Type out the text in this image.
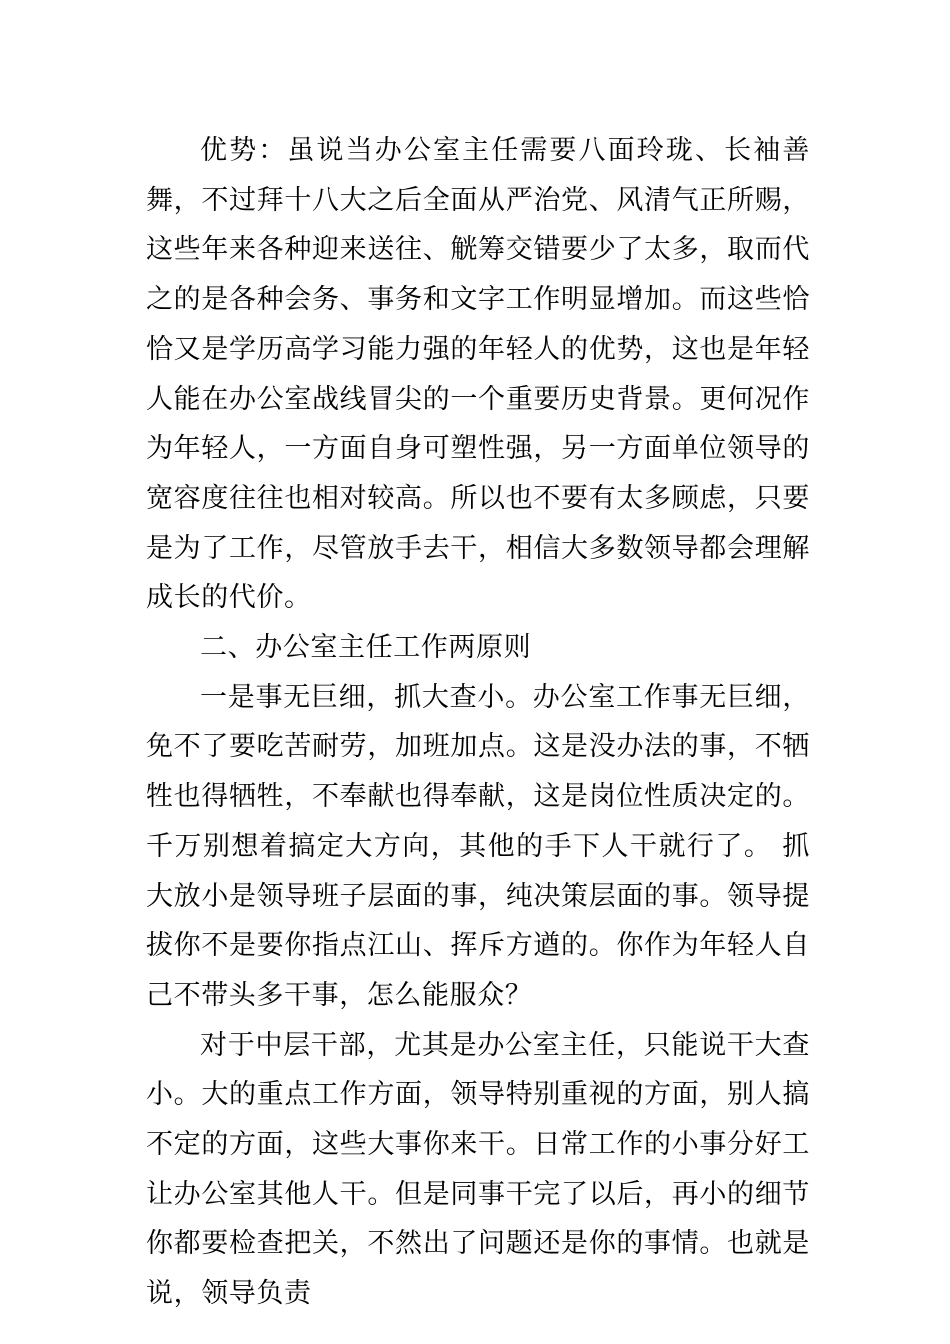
优势：虽说当办公室主任需要八面玲珑、长袖善舞，不过拜十八大之后全面从严治党、风清气正所赐，这些年来各种迎来送往、觥筹交错要少了太多，取而代之的是各种会务、事务和文字工作明显增加。而这些恰恰又是学历高学习能力强的年轻人的优势，这也是年轻人能在办公室战线冒尖的一个重要历史背景。更何况作为年轻人，一方面自身可塑性强，另一方面单位领导的宽容度往往也相对较高。所以也不要有太多顾虑，只要是为了工作，尽管放手去干，相信大多数领导都会理解成长的代价。

二、办公室主任工作两原则

一是事无巨细，抓大查小。办公室工作事无巨细，免不了要吃苦耐劳，加班加点。这是没办法的事，不牺牲也得牺牲，不奉献也得奉献，这是岗位性质决定的。千万别想着搞定大方向，其他的手下人干就行了。 抓大放小是领导班子层面的事，纯决策层面的事。领导提拔你不是要你指点江山、挥斥方遒的。你作为年轻人自己不带头多干事，怎么能服众？

对于中层干部，尤其是办公室主任，只能说干大查小。大的重点工作方面，领导特别重视的方面，别人搞不定的方面，这些大事你来干。日常工作的小事分好工让办公室其他人干。但是同事干完了以后，再小的细节你都要检查把关，不然出了问题还是你的事情。也就是说，领导负责
